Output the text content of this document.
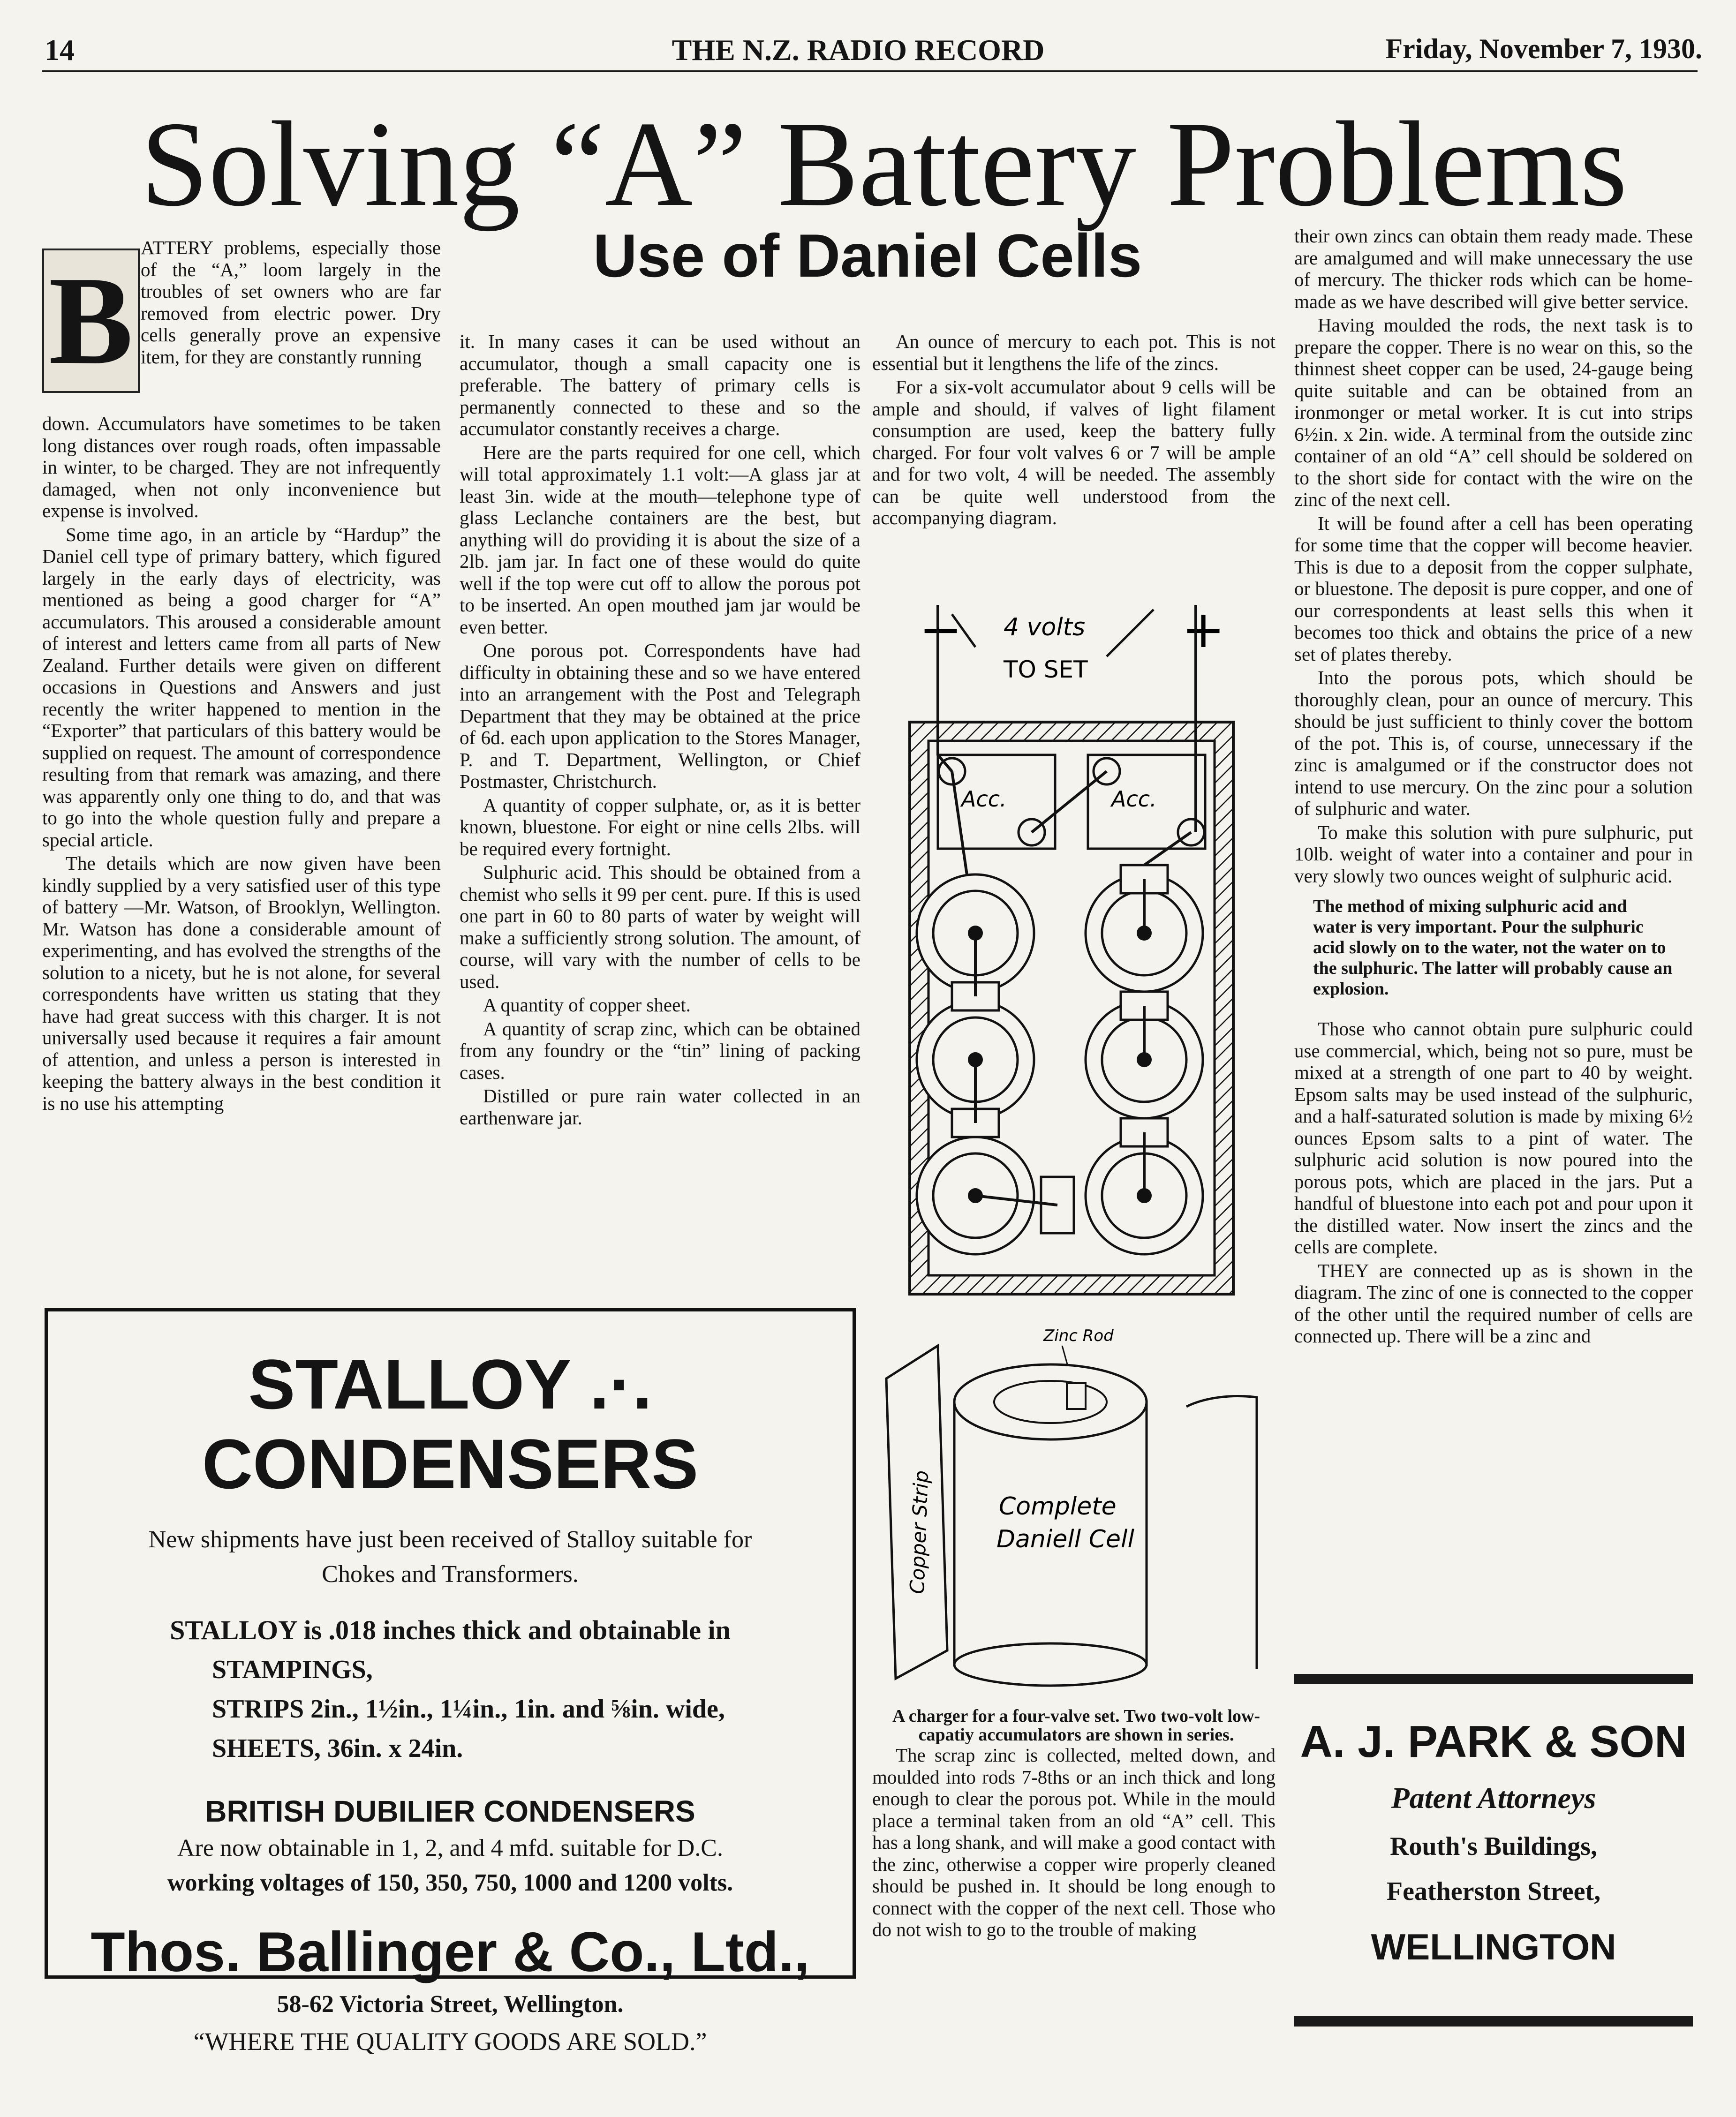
14	THE N.Z. RADIO RECORD	Friday, November 7, 1930.
Solving “A” Battery Problems
Use of Daniel Cells
B

ATTERY problems, especially those of the “A,” loom largely in the troubles of set owners who are far removed from electric power. Dry cells generally prove an expensive item, for they are constantly running

down. Accumulators have sometimes to be taken long distances over rough roads, often impassable in winter, to be charged. They are not infrequently damaged, when not only inconvenience but expense is involved.

Some time ago, in an article by “Hardup” the Daniel cell type of primary battery, which figured largely in the early days of electricity, was mentioned as being a good charger for “A” accumulators. This aroused a considerable amount of interest and letters came from all parts of New Zealand. Further details were given on different occasions in Questions and Answers and just recently the writer happened to mention in the “Exporter” that particulars of this battery would be supplied on request. The amount of correspondence resulting from that remark was amazing, and there was apparently only one thing to do, and that was to go into the whole question fully and prepare a special article.

The details which are now given have been kindly supplied by a very satisfied user of this type of battery —Mr. Watson, of Brooklyn, Wellington. Mr. Watson has done a considerable amount of experimenting, and has evolved the strengths of the solution to a nicety, but he is not alone, for several correspondents have written us stating that they have had great success with this charger. It is not universally used because it requires a fair amount of attention, and unless a person is interested in keeping the battery always in the best condition it is no use his attempting

it. In many cases it can be used without an accumulator, though a small capacity one is preferable. The battery of primary cells is permanently connected to these and so the accumulator constantly receives a charge.

Here are the parts required for one cell, which will total approximately 1.1 volt:—A glass jar at least 3in. wide at the mouth—telephone type of glass Leclanche containers are the best, but anything will do providing it is about the size of a 2lb. jam jar. In fact one of these would do quite well if the top were cut off to allow the porous pot to be inserted. An open mouthed jam jar would be even better.

One porous pot. Correspondents have had difficulty in obtaining these and so we have entered into an arrangement with the Post and Telegraph Department that they may be obtained at the price of 6d. each upon application to the Stores Manager, P. and T. Department, Wellington, or Chief Postmaster, Christchurch.

A quantity of copper sulphate, or, as it is better known, bluestone. For eight or nine cells 2lbs. will be required every fortnight.

Sulphuric acid. This should be obtained from a chemist who sells it 99 per cent. pure. If this is used one part in 60 to 80 parts of water by weight will make a sufficiently strong solution. The amount, of course, will vary with the number of cells to be used.

A quantity of copper sheet.

A quantity of scrap zinc, which can be obtained from any foundry or the “tin” lining of packing cases.

Distilled or pure rain water collected in an earthenware jar.

An ounce of mercury to each pot. This is not essential but it lengthens the life of the zincs.

For a six-volt accumulator about 9 cells will be ample and should, if valves of light filament consumption are used, keep the battery fully charged. For four volt valves 6 or 7 will be ample and for two volt, 4 will be needed. The assembly can be quite well understood from the accompanying diagram.

−	+
4 volts
TO SET
Acc.	Acc.
Zinc Rod
Copper Strip	Complete
Daniell Cell
A charger for a four-valve set. Two two-volt low-capatiy accumulators are shown in series.

The scrap zinc is collected, melted down, and moulded into rods 7-8ths or an inch thick and long enough to clear the porous pot. While in the mould place a terminal taken from an old “A” cell. This has a long shank, and will make a good contact with the zinc, otherwise a copper wire properly cleaned should be pushed in. It should be long enough to connect with the copper of the next cell. Those who do not wish to go to the trouble of making

their own zincs can obtain them ready made. These are amalgumed and will make unnecessary the use of mercury. The thicker rods which can be home-made as we have described will give better service.

Having moulded the rods, the next task is to prepare the copper. There is no wear on this, so the thinnest sheet copper can be used, 24-gauge being quite suitable and can be obtained from an ironmonger or metal worker. It is cut into strips 6½in. x 2in. wide. A terminal from the outside zinc container of an old “A” cell should be soldered on to the short side for contact with the wire on the zinc of the next cell.

It will be found after a cell has been operating for some time that the copper will become heavier. This is due to a deposit from the copper sulphate, or bluestone. The deposit is pure copper, and one of our correspondents at least sells this when it becomes too thick and obtains the price of a new set of plates thereby.

Into the porous pots, which should be thoroughly clean, pour an ounce of mercury. This should be just sufficient to thinly cover the bottom of the pot. This is, of course, unnecessary if the zinc is amalgumed or if the constructor does not intend to use mercury. On the zinc pour a solution of sulphuric and water.

To make this solution with pure sulphuric, put 10lb. weight of water into a container and pour in very slowly two ounces weight of sulphuric acid.

The method of mixing sulphuric acid and water is very important. Pour the sulphuric acid slowly on to the water, not the water on to the sulphuric. The latter will probably cause an explosion.

Those who cannot obtain pure sulphuric could use commercial, which, being not so pure, must be mixed at a strength of one part to 40 by weight. Epsom salts may be used instead of the sulphuric, and a half-saturated solution is made by mixing 6½ ounces Epsom salts to a pint of water. The sulphuric acid solution is now poured into the porous pots, which are placed in the jars. Put a handful of bluestone into each pot and pour upon it the distilled water. Now insert the zincs and the cells are complete.

THEY are connected up as is shown in the diagram. The zinc of one is connected to the copper of the other until the required number of cells are connected up. There will be a zinc and

STALLOY .·. CONDENSERS
New shipments have just been received of Stalloy suitable for
Chokes and Transformers.
STALLOY is .018 inches thick and obtainable in
STAMPINGS,
STRIPS 2in., 1½in., 1¼in., 1in. and ⅝in. wide,
SHEETS, 36in. x 24in.
BRITISH DUBILIER CONDENSERS
Are now obtainable in 1, 2, and 4 mfd. suitable for D.C.
working voltages of 150, 350, 750, 1000 and 1200 volts.
Thos. Ballinger & Co., Ltd.,
58-62 Victoria Street, Wellington.
“WHERE THE QUALITY GOODS ARE SOLD.”
A. J. PARK & SON
Patent Attorneys
Routh's Buildings,
Featherston Street,
WELLINGTON
